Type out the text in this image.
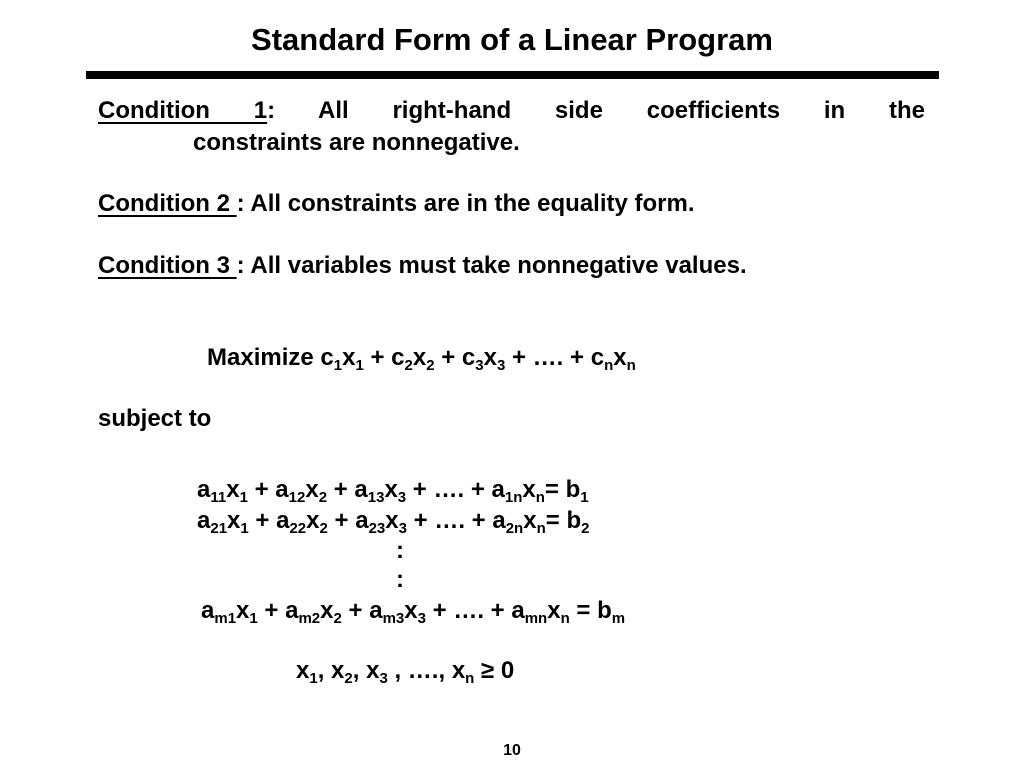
Standard Form of a Linear Program
Condition 1: All right-hand side coefficients in the
constraints are nonnegative.
Condition 2 : All constraints are in the equality form.
Condition 3 : All variables must take nonnegative values.
Maximize $c_1x_1 + c_2x_2 + c_3x_3$ + …. + $c_nx_n$
subject to
$a_{11}x_1 + a_{12}x_2 + a_{13}x_3$ + …. + $a_{1n}x_n= b_1$
$a_{21}x_1 + a_{22}x_2 + a_{23}x_3$ + …. + $a_{2n}x_n= b_2$
:
:
$a_{m1}x_1 + a_{m2}x_2 + a_{m3}x_3$ + …. + $a_{mn}x_n = b_m$
$x_1$, $x_2$, $x_3$ , …., $x_n \ge 0$
10
